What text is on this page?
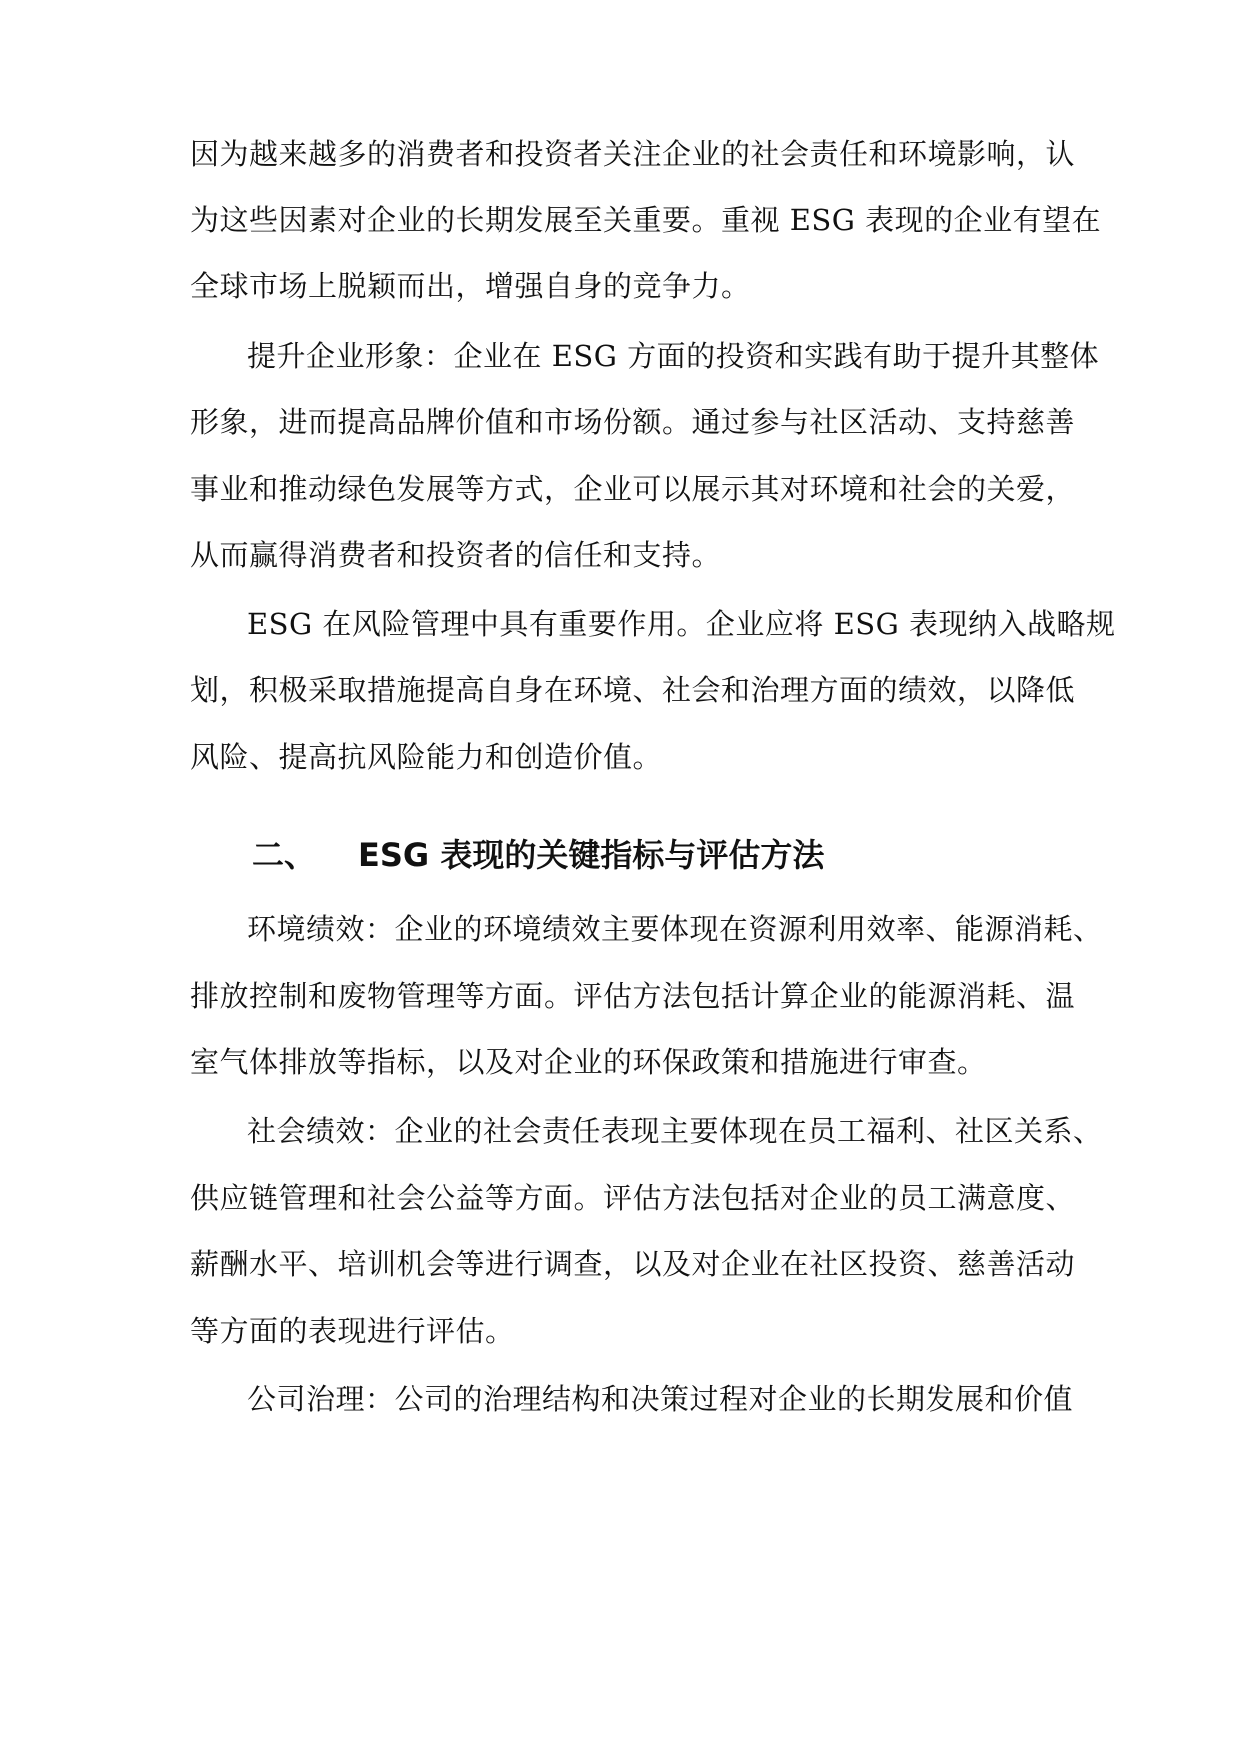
因为越来越多的消费者和投资者关注企业的社会责任和环境影响，认
为这些因素对企业的长期发展至关重要。重视 ESG 表现的企业有望在
全球市场上脱颖而出，增强自身的竞争力。
提升企业形象：企业在 ESG 方面的投资和实践有助于提升其整体
形象，进而提高品牌价值和市场份额。通过参与社区活动、支持慈善
事业和推动绿色发展等方式，企业可以展示其对环境和社会的关爱，
从而赢得消费者和投资者的信任和支持。
ESG 在风险管理中具有重要作用。企业应将 ESG 表现纳入战略规
划，积极采取措施提高自身在环境、社会和治理方面的绩效，以降低
风险、提高抗风险能力和创造价值。
二、 ESG 表现的关键指标与评估方法
环境绩效：企业的环境绩效主要体现在资源利用效率、能源消耗、
排放控制和废物管理等方面。评估方法包括计算企业的能源消耗、温
室气体排放等指标，以及对企业的环保政策和措施进行审查。
社会绩效：企业的社会责任表现主要体现在员工福利、社区关系、
供应链管理和社会公益等方面。评估方法包括对企业的员工满意度、
薪酬水平、培训机会等进行调查，以及对企业在社区投资、慈善活动
等方面的表现进行评估。
公司治理：公司的治理结构和决策过程对企业的长期发展和价值
